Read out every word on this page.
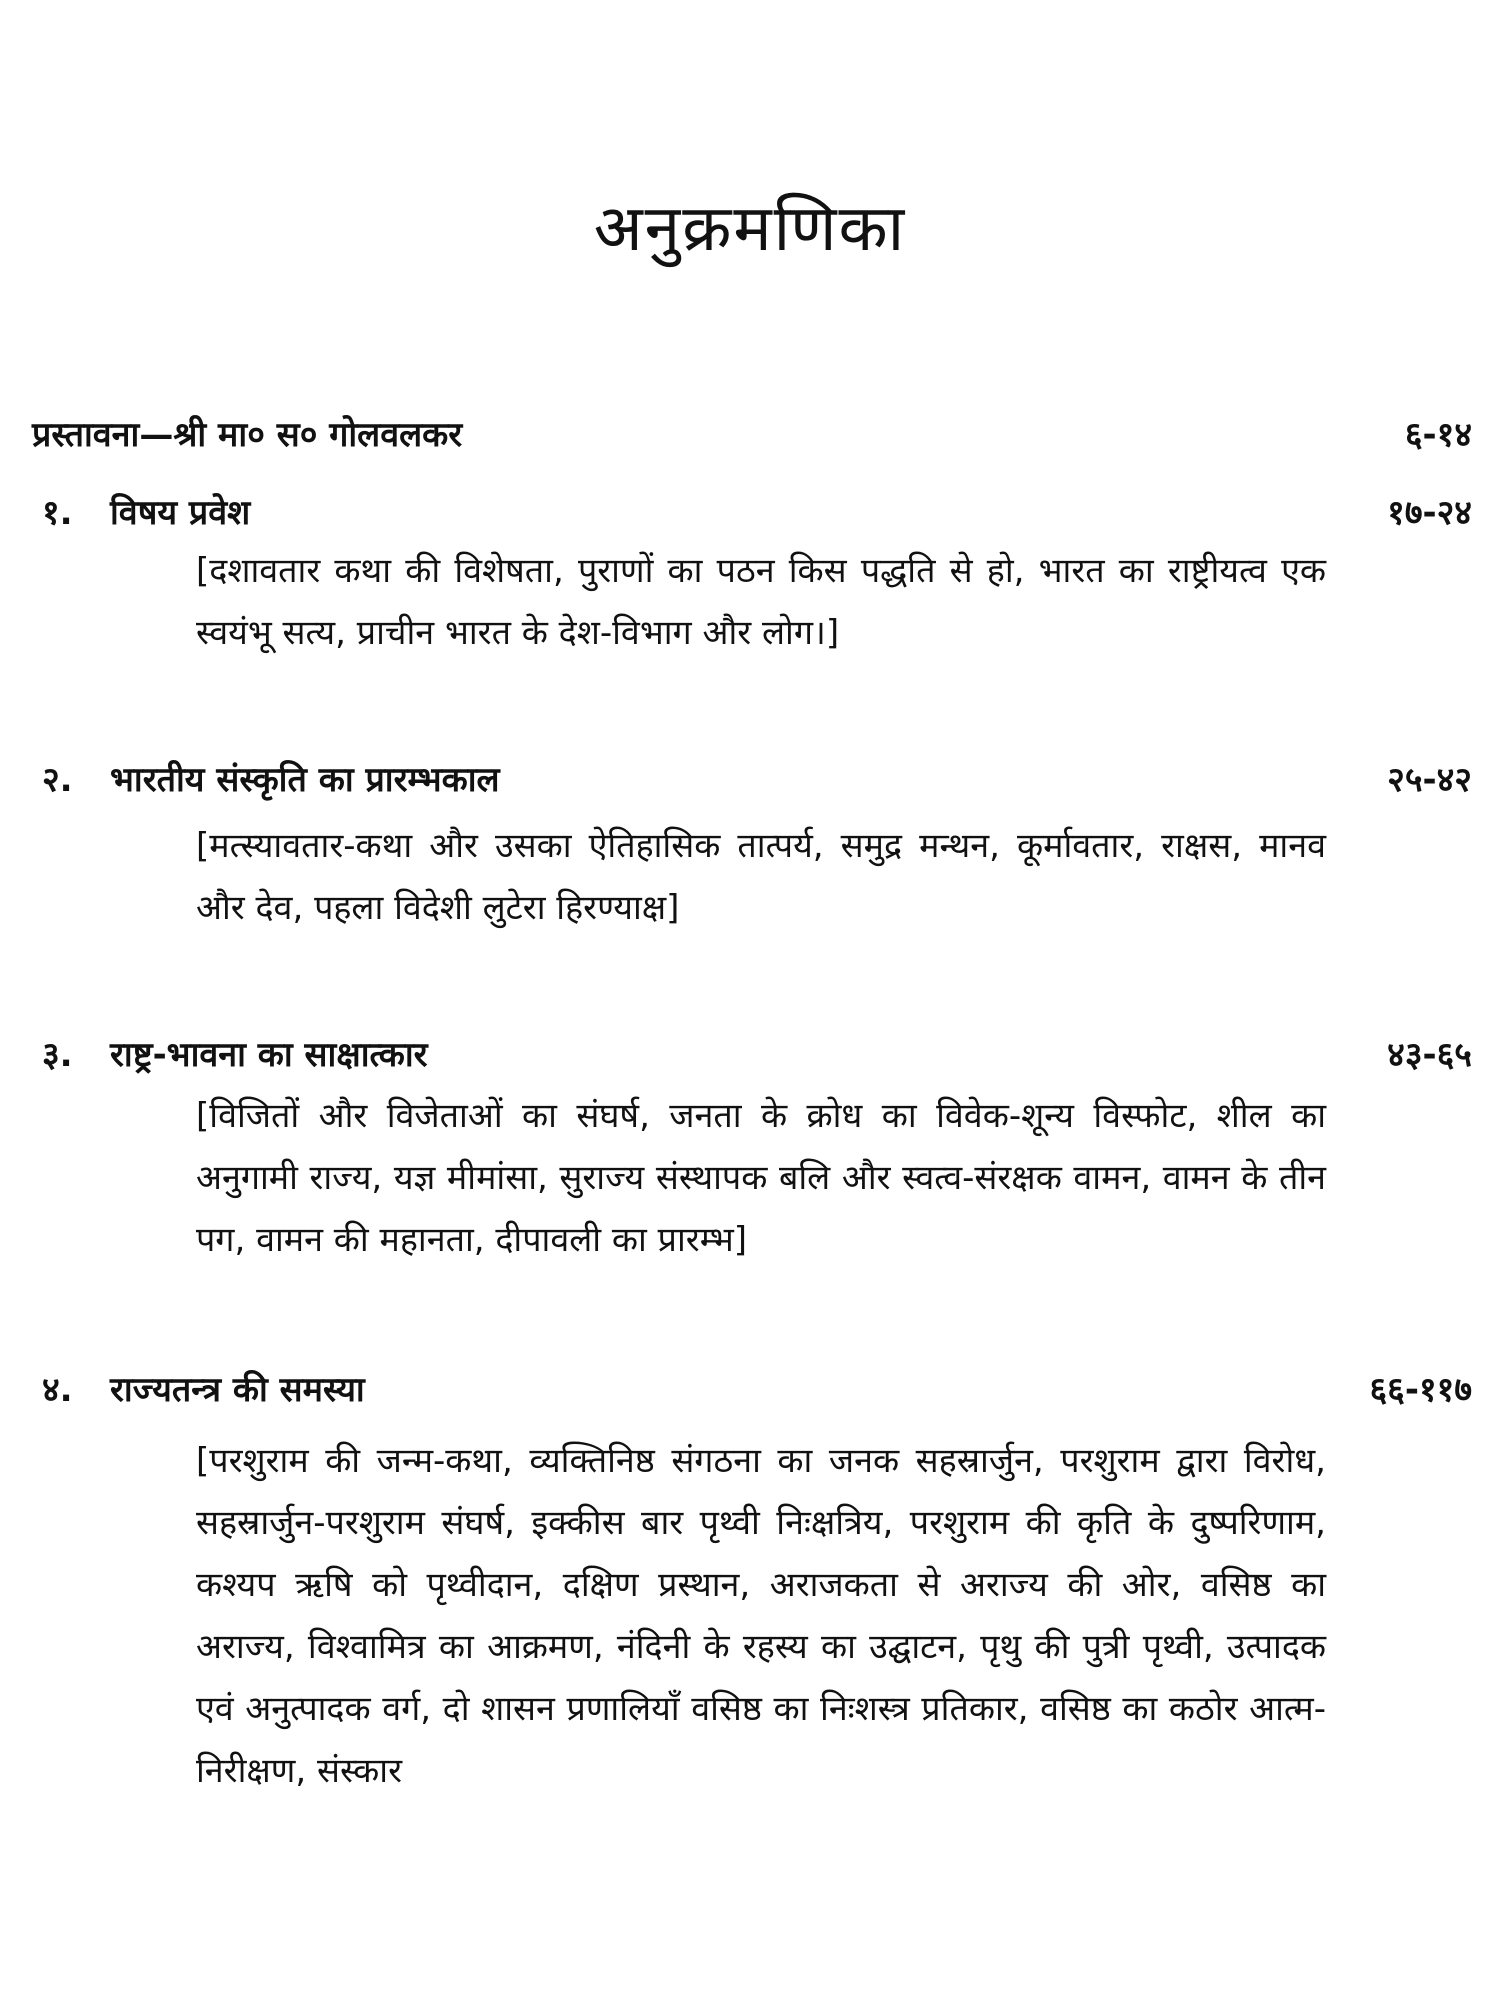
अनुक्रमणिका
प्रस्तावना—श्री मा० स० गोलवलकर	६-१४
१. विषय प्रवेश	१७-२४

[दशावतार कथा की विशेषता, पुराणों का पठन किस पद्धति से हो, भारत का राष्ट्रीयत्व एक स्वयंभू सत्य, प्राचीन भारत के देश-विभाग और लोग।]

२. भारतीय संस्कृति का प्रारम्भकाल	२५-४२

[मत्स्यावतार-कथा और उसका ऐतिहासिक तात्पर्य, समुद्र मन्थन, कूर्मावतार, राक्षस, मानव और देव, पहला विदेशी लुटेरा हिरण्याक्ष]

३. राष्ट्र-भावना का साक्षात्कार	४३-६५

[विजितों और विजेताओं का संघर्ष, जनता के क्रोध का विवेक-शून्य विस्फोट, शील का अनुगामी राज्य, यज्ञ मीमांसा, सुराज्य संस्थापक बलि और स्वत्व-संरक्षक वामन, वामन के तीन पग, वामन की महानता, दीपावली का प्रारम्भ]

४. राज्यतन्त्र की समस्या	६६-११७

[परशुराम की जन्म-कथा, व्यक्तिनिष्ठ संगठना का जनक सहस्रार्जुन, परशुराम द्वारा विरोध, सहस्रार्जुन-परशुराम संघर्ष, इक्कीस बार पृथ्वी निःक्षत्रिय, परशुराम की कृति के दुष्परिणाम, कश्यप ऋषि को पृथ्वीदान, दक्षिण प्रस्थान, अराजकता से अराज्य की ओर, वसिष्ठ का अराज्य, विश्वामित्र का आक्रमण, नंदिनी के रहस्य का उद्घाटन, पृथु की पुत्री पृथ्वी, उत्पादक एवं अनुत्पादक वर्ग, दो शासन प्रणालियाँ वसिष्ठ का निःशस्त्र प्रतिकार, वसिष्ठ का कठोर आत्म-निरीक्षण, संस्कार
